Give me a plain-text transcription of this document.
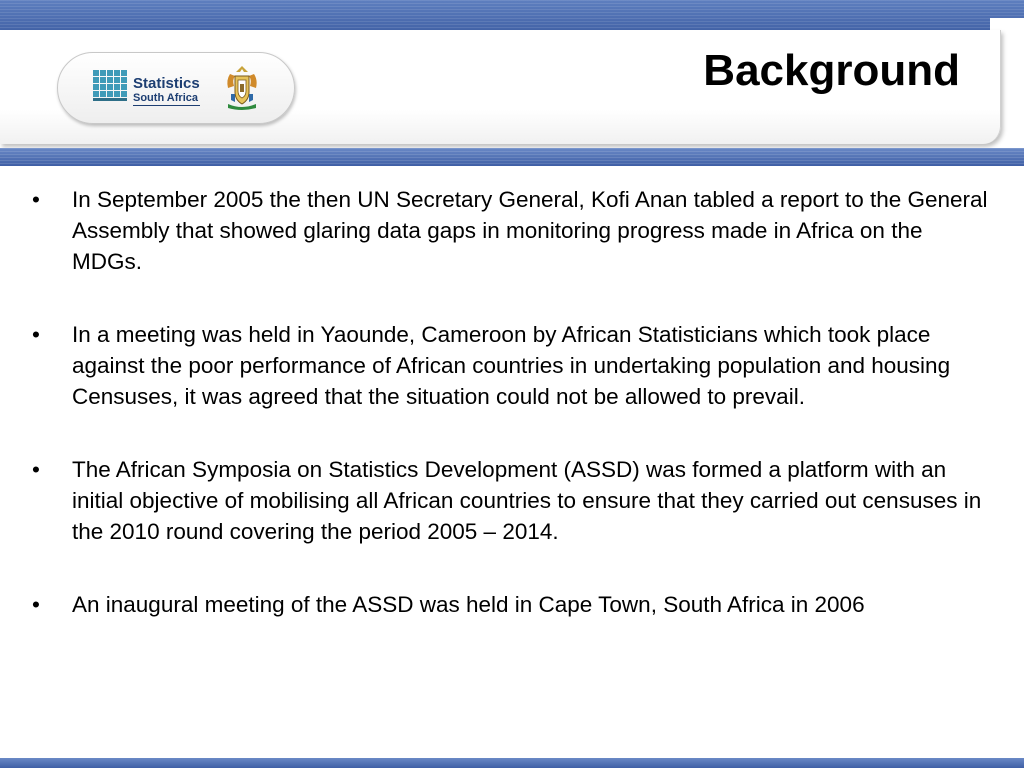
Statistics
South Africa
Background
• In September 2005 the then UN Secretary General, Kofi Anan tabled a report to the General Assembly that showed glaring data gaps in monitoring progress made in Africa on the MDGs.
• In a meeting was held in Yaounde, Cameroon by African Statisticians which took place against the poor performance of African countries in undertaking population and housing Censuses, it was agreed that the situation could not be allowed to prevail.
• The African Symposia on Statistics Development (ASSD) was formed a platform with an initial objective of mobilising all African countries to ensure that they carried out censuses in the 2010 round covering the period 2005 – 2014.
• An inaugural meeting of the ASSD was held in Cape Town, South Africa in 2006
